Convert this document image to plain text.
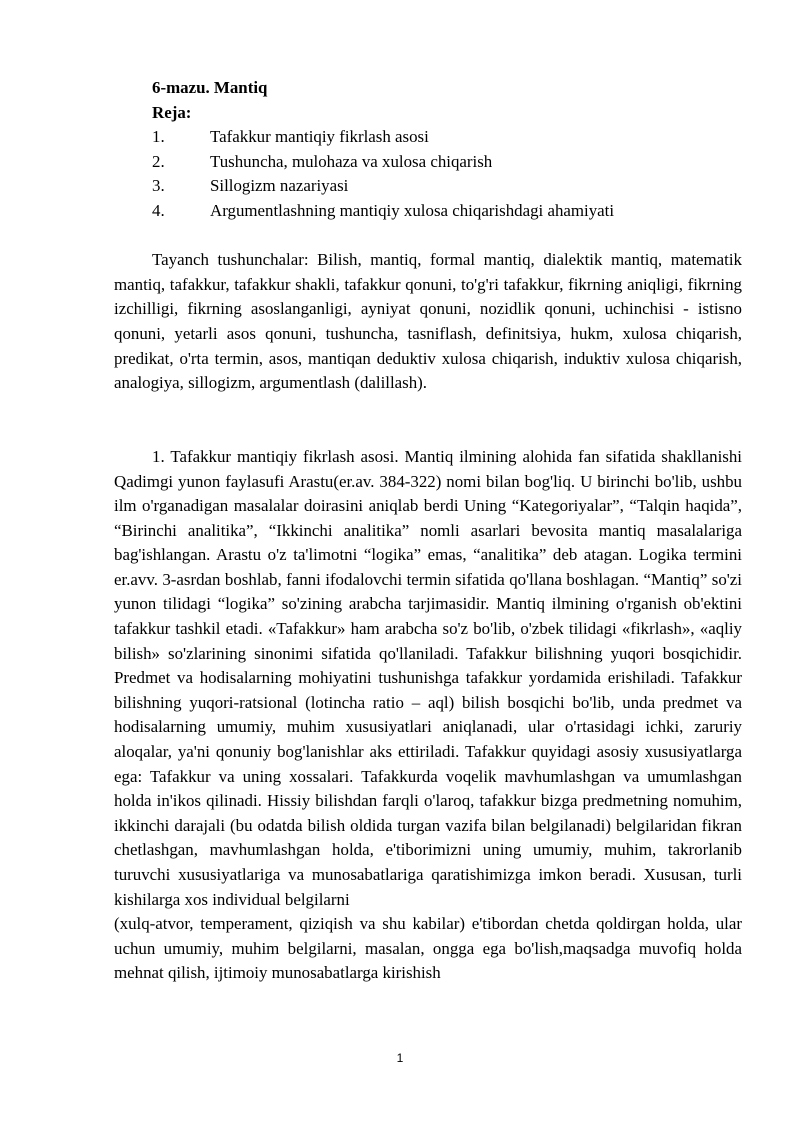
6-mazu. Mantiq
Reja:
1.	Tafakkur mantiqiy fikrlash asosi
2.	Tushuncha, mulohaza va xulosa chiqarish
3.	Sillogizm nazariyasi
4.	Argumentlashning mantiqiy xulosa chiqarishdagi ahamiyati

Tayanch tushunchalar: Bilish, mantiq, formal mantiq, dialektik mantiq, matematik mantiq, tafakkur, tafakkur shakli, tafakkur qonuni, to'g'ri tafakkur, fikrning aniqligi, fikrning izchilligi, fikrning asoslanganligi, ayniyat qonuni, nozidlik qonuni, uchinchisi - istisno qonuni, yetarli asos qonuni, tushuncha, tasniflash, definitsiya, hukm, xulosa chiqarish, predikat, o'rta termin, asos, mantiqan deduktiv xulosa chiqarish, induktiv xulosa chiqarish, analogiya, sillogizm, argumentlash (dalillash).

1. Tafakkur mantiqiy fikrlash asosi. Mantiq ilmining alohida fan sifatida shakllanishi Qadimgi yunon faylasufi Arastu(er.av. 384-322) nomi bilan bog'liq. U birinchi bo'lib, ushbu ilm o'rganadigan masalalar doirasini aniqlab berdi Uning “Kategoriyalar”, “Talqin haqida”, “Birinchi analitika”, “Ikkinchi analitika” nomli asarlari bevosita mantiq masalalariga bag'ishlangan. Arastu o'z ta'limotni “logika” emas, “analitika” deb atagan. Logika termini er.avv. 3-asrdan boshlab, fanni ifodalovchi termin sifatida qo'llana boshlagan. “Mantiq” so'zi yunon tilidagi “logika” so'zining arabcha tarjimasidir. Mantiq ilmining o'rganish ob'ektini tafakkur tashkil etadi. «Tafakkur» ham arabcha so'z bo'lib, o'zbek tilidagi «fikrlash», «aqliy bilish» so'zlarining sinonimi sifatida qo'llaniladi. Tafakkur bilishning yuqori bosqichidir. Predmet va hodisalarning mohiyatini tushunishga tafakkur yordamida erishiladi. Tafakkur bilishning yuqori-ratsional (lotincha ratio – aql) bilish bosqichi bo'lib, unda predmet va hodisalarning umumiy, muhim xususiyatlari aniqlanadi, ular o'rtasidagi ichki, zaruriy aloqalar, ya'ni qonuniy bog'lanishlar aks ettiriladi. Tafakkur quyidagi asosiy xususiyatlarga ega: Tafakkur va uning xossalari. Tafakkurda voqelik mavhumlashgan va umumlashgan holda in'ikos qilinadi. Hissiy bilishdan farqli o'laroq, tafakkur bizga predmetning nomuhim, ikkinchi darajali (bu odatda bilish oldida turgan vazifa bilan belgilanadi) belgilaridan fikran chetlashgan, mavhumlashgan holda, e'tiborimizni uning umumiy, muhim, takrorlanib turuvchi xususiyatlariga va munosabatlariga qaratishimizga imkon beradi. Xususan, turli kishilarga xos individual belgilarni

(xulq-atvor, temperament, qiziqish va shu kabilar) e'tibordan chetda qoldirgan holda, ular uchun umumiy, muhim belgilarni, masalan, ongga ega bo'lish,maqsadga muvofiq holda mehnat qilish, ijtimoiy munosabatlarga kirishish

1
